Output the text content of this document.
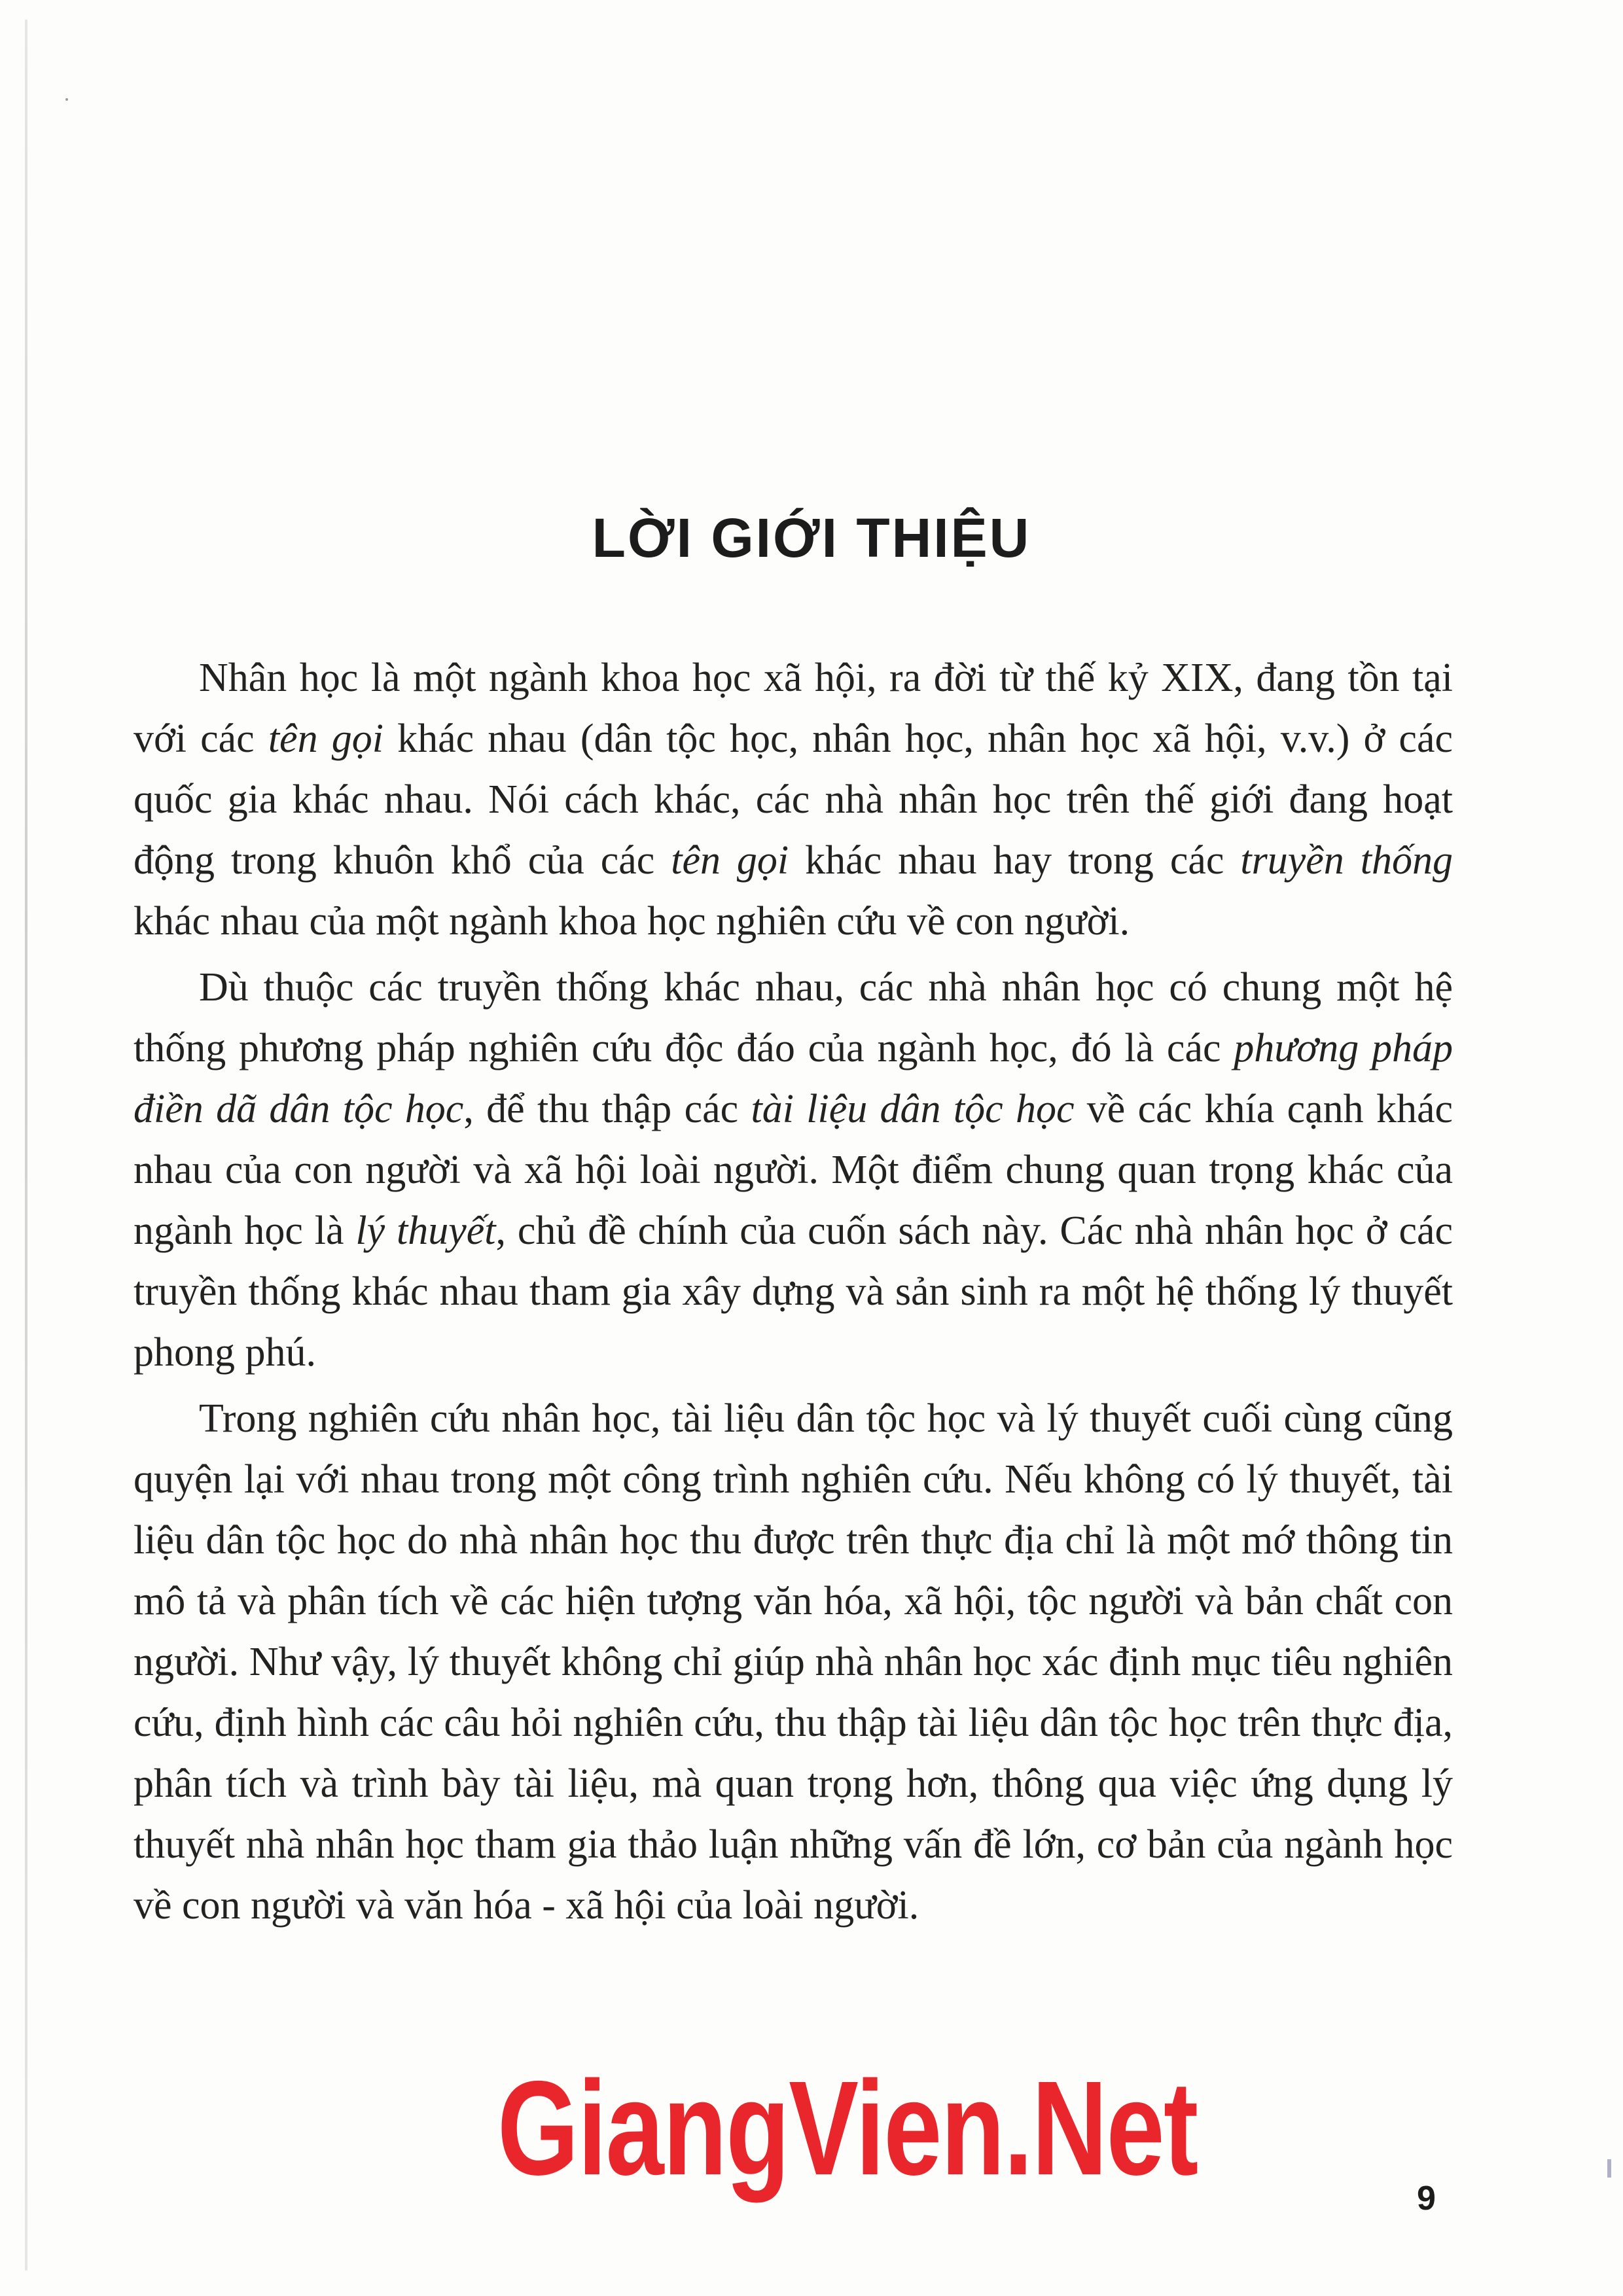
LỜI GIỚI THIỆU

Nhân học là một ngành khoa học xã hội, ra đời từ thế kỷ XIX, đang tồn tại với các tên gọi khác nhau (dân tộc học, nhân học, nhân học xã hội, v.v.) ở các quốc gia khác nhau. Nói cách khác, các nhà nhân học trên thế giới đang hoạt động trong khuôn khổ của các tên gọi khác nhau hay trong các truyền thống khác nhau của một ngành khoa học nghiên cứu về con người.

Dù thuộc các truyền thống khác nhau, các nhà nhân học có chung một hệ thống phương pháp nghiên cứu độc đáo của ngành học, đó là các phương pháp điền dã dân tộc học, để thu thập các tài liệu dân tộc học về các khía cạnh khác nhau của con người và xã hội loài người. Một điểm chung quan trọng khác của ngành học là lý thuyết, chủ đề chính của cuốn sách này. Các nhà nhân học ở các truyền thống khác nhau tham gia xây dựng và sản sinh ra một hệ thống lý thuyết phong phú.

Trong nghiên cứu nhân học, tài liệu dân tộc học và lý thuyết cuối cùng cũng quyện lại với nhau trong một công trình nghiên cứu. Nếu không có lý thuyết, tài liệu dân tộc học do nhà nhân học thu được trên thực địa chỉ là một mớ thông tin mô tả và phân tích về các hiện tượng văn hóa, xã hội, tộc người và bản chất con người. Như vậy, lý thuyết không chỉ giúp nhà nhân học xác định mục tiêu nghiên cứu, định hình các câu hỏi nghiên cứu, thu thập tài liệu dân tộc học trên thực địa, phân tích và trình bày tài liệu, mà quan trọng hơn, thông qua việc ứng dụng lý thuyết nhà nhân học tham gia thảo luận những vấn đề lớn, cơ bản của ngành học về con người và văn hóa - xã hội của loài người.

GiangVien.Net	9
